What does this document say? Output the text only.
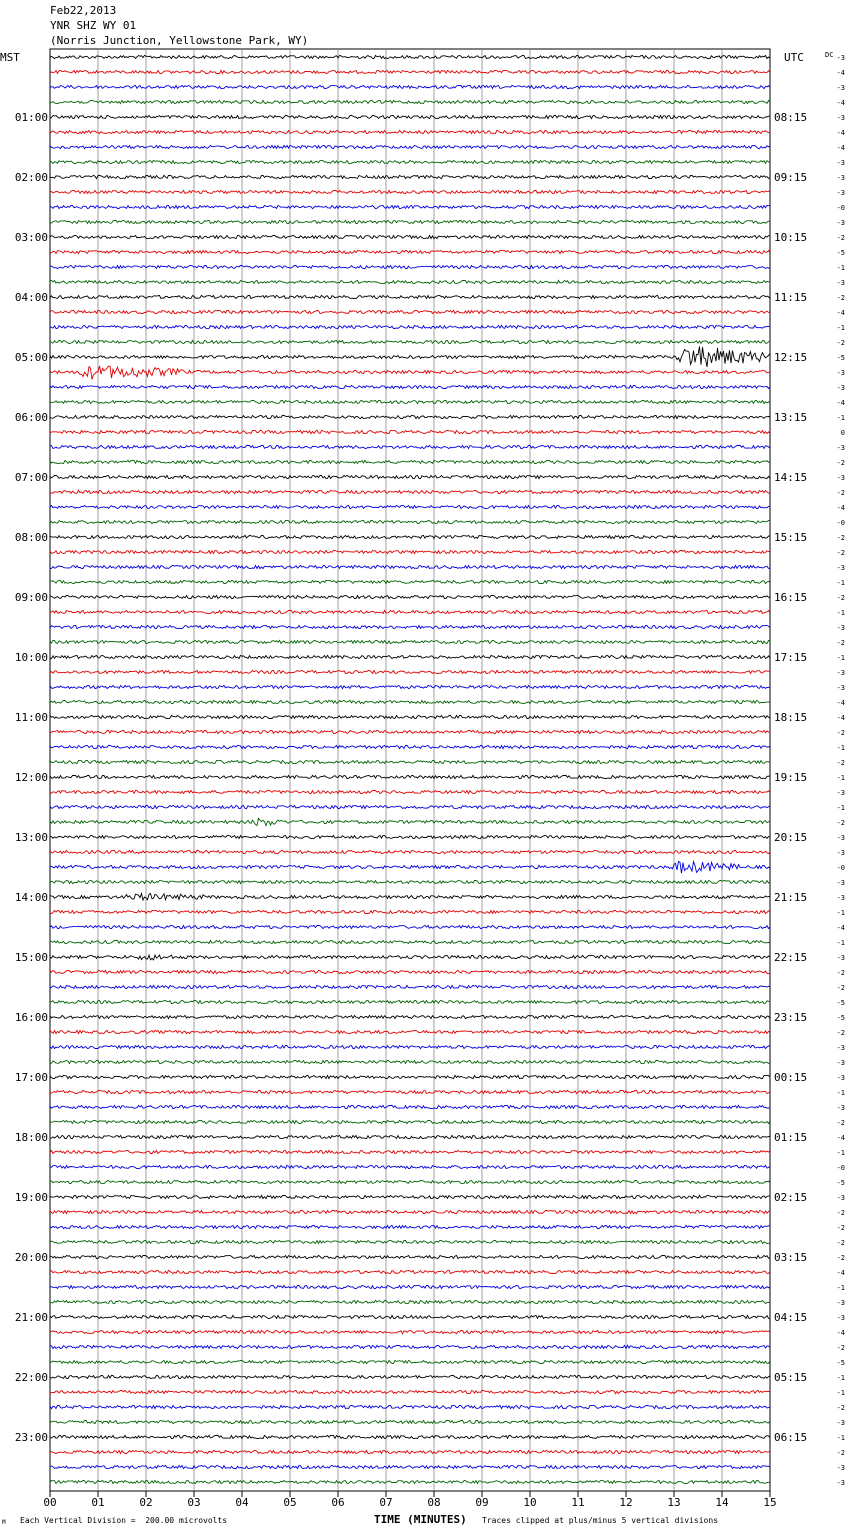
Feb22,2013
YNR SHZ WY 01
(Norris Junction, Yellowstone Park, WY)
-3
-4
-3
-4
-3
-4
-4
-3
-3
-3
-0
-3
-2
-5
-1
-3
-2
-4
-1
-2
-5
-3
-3
-4
-1
0
-3
-2
-3
-2
-4
-0
-2
-2
-3
-1
-2
-1
-3
-2
-1
-3
-3
-4
-4
-2
-1
-2
-1
-3
-1
-2
-3
-3
-0
-3
-3
-1
-4
-1
-3
-2
-2
-5
-5
-2
-3
-3
-3
-1
-3
-2
-4
-1
-0
-5
-3
-2
-2
-2
-2
-4
-1
-3
-3
-4
-2
-5
-1
-1
-2
-3
-1
-2
-3
-3
01:00	08:15
02:00	09:15
03:00	10:15
04:00	11:15
05:00	12:15
06:00	13:15
07:00	14:15
08:00	15:15
09:00	16:15
10:00	17:15
11:00	18:15
12:00	19:15
13:00	20:15
14:00	21:15
15:00	22:15
16:00	23:15
17:00	00:15
18:00	01:15
19:00	02:15
20:00	03:15
21:00	04:15
22:00	05:15
23:00	06:15
MST	UTC	DC
00	01	02	03	04	05	06	07	08	09	10	11	12	13	14	15
TIME (MINUTES)
M Each Vertical Division =  200.00 microvolts	Traces clipped at plus/minus 5 vertical divisions
